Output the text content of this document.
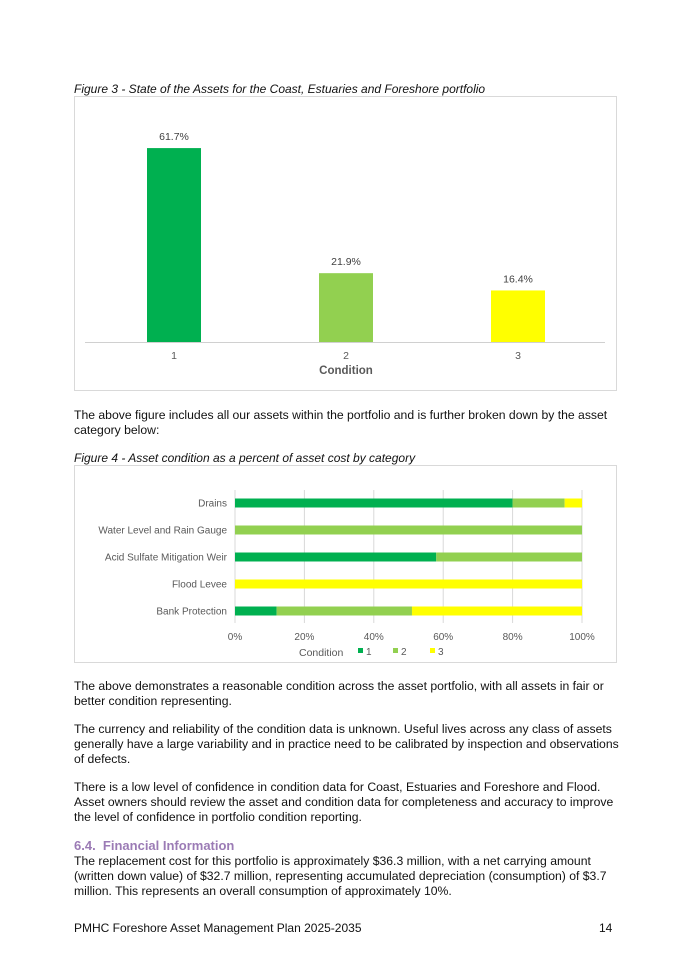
Figure 3 - State of the Assets for the Coast, Estuaries and Foreshore portfolio
61.7%
1
21.9%
2
16.4%
3
Condition
The above figure includes all our assets within the portfolio and is further broken down by the asset category below:
Figure 4 - Asset condition as a percent of asset cost by category
0%	20%	40%	60%	80%	100%
Drains
Water Level and Rain Gauge
Acid Sulfate Mitigation Weir
Flood Levee
Bank Protection
Condition 1	2	3
The above demonstrates a reasonable condition across the asset portfolio, with all assets in fair or better condition representing.
The currency and reliability of the condition data is unknown. Useful lives across any class of assets generally have a large variability and in practice need to be calibrated by inspection and observations of defects.
There is a low level of confidence in condition data for Coast, Estuaries and Foreshore and Flood. Asset owners should review the asset and condition data for completeness and accuracy to improve the level of confidence in portfolio condition reporting.
6.4. Financial Information
The replacement cost for this portfolio is approximately $36.3 million, with a net carrying amount (written down value) of $32.7 million, representing accumulated depreciation (consumption) of $3.7 million. This represents an overall consumption of approximately 10%.
PMHC Foreshore Asset Management Plan 2025-2035	14
